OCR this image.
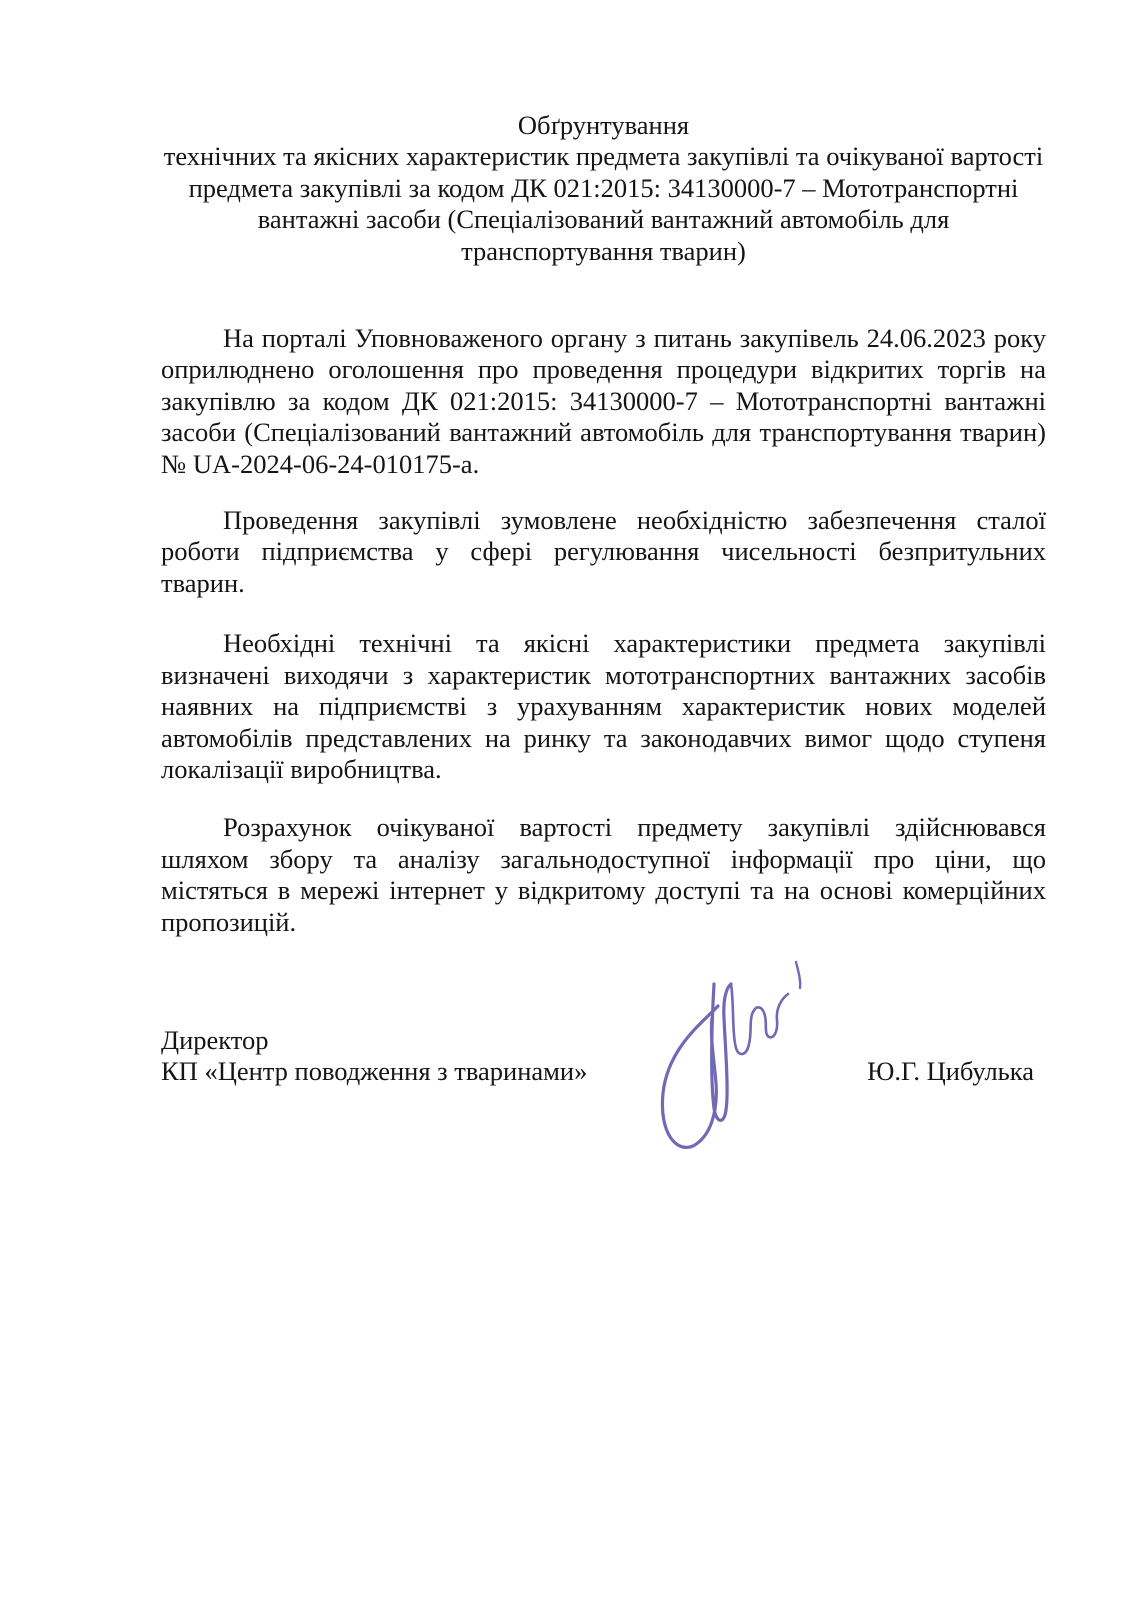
Обґрунтування
технічних та якісних характеристик предмета закупівлі та очікуваної вартості
предмета закупівлі за кодом ДК 021:2015: 34130000-7 – Мототранспортні
вантажні засоби (Спеціалізований вантажний автомобіль для
транспортування тварин)
На порталі Уповноваженого органу з питань закупівель 24.06.2023 року
оприлюднено оголошення про проведення процедури відкритих торгів на
закупівлю за кодом ДК 021:2015: 34130000-7 – Мототранспортні вантажні
засоби (Спеціалізований вантажний автомобіль для транспортування тварин)
№ UA-2024-06-24-010175-а.
Проведення закупівлі зумовлене необхідністю забезпечення сталої
роботи підприємства у сфері регулювання чисельності безпритульних
тварин.
Необхідні технічні та якісні характеристики предмета закупівлі
визначені виходячи з характеристик мототранспортних вантажних засобів
наявних на підприємстві з урахуванням характеристик нових моделей
автомобілів представлених на ринку та законодавчих вимог щодо ступеня
локалізації виробництва.
Розрахунок очікуваної вартості предмету закупівлі здійснювався
шляхом збору та аналізу загальнодоступної інформації про ціни, що
містяться в мережі інтернет у відкритому доступі та на основі комерційних
пропозицій.
Директор
КП «Центр поводження з тваринами»	Ю.Г. Цибулька
